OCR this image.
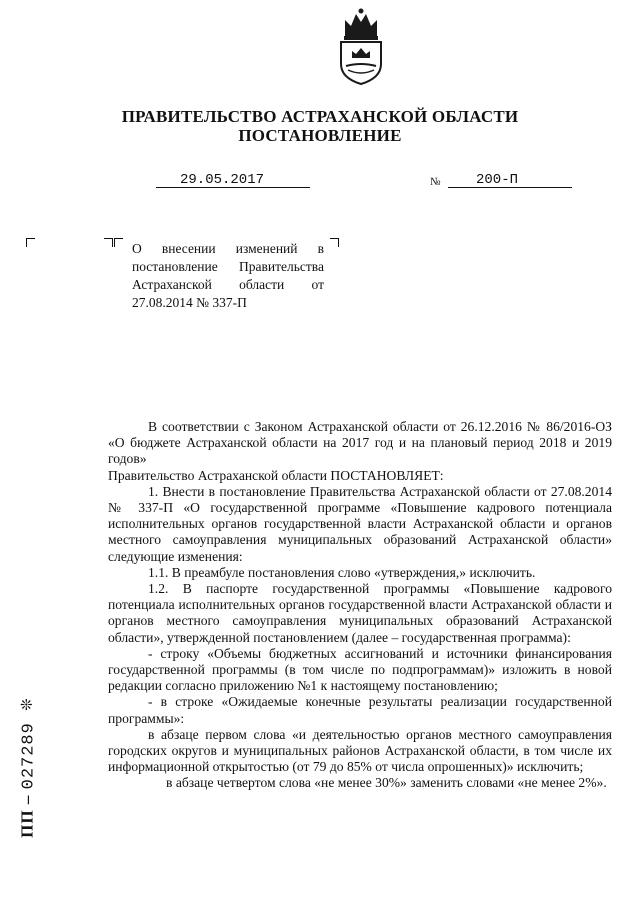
ПРАВИТЕЛЬСТВО АСТРАХАНСКОЙ ОБЛАСТИ
ПОСТАНОВЛЕНИЕ
29.05.2017	№	200-П
О внесении изменений в постановление Правительства Астраханской области от 27.08.2014 № 337-П

В соответствии с Законом Астраханской области от 26.12.2016 № 86/2016-ОЗ «О бюджете Астраханской области на 2017 год и на плановый период 2018 и 2019 годов»

Правительство Астраханской области ПОСТАНОВЛЯЕТ:

1. Внести в постановление Правительства Астраханской области от 27.08.2014 № 337-П «О государственной программе «Повышение кадрового потенциала исполнительных органов государственной власти Астраханской области и органов местного самоуправления муниципальных образований Астраханской области» следующие изменения:

1.1. В преамбуле постановления слово «утверждения,» исключить.

1.2. В паспорте государственной программы «Повышение кадрового потенциала исполнительных органов государственной власти Астраханской области и органов местного самоуправления муниципальных образований Астраханской области», утвержденной постановлением (далее – государственная программа):

- строку «Объемы бюджетных ассигнований и источники финансирования государственной программы (в том числе по подпрограммам)» изложить в новой редакции согласно приложению №1 к настоящему постановлению;

- в строке «Ожидаемые конечные результаты реализации государственной программы»:

в абзаце первом слова «и деятельностью органов местного самоуправления городских округов и муниципальных районов Астраханской области, в том числе их информационной открытостью (от 79 до 85% от числа опрошенных)» исключить;

в абзаце четвертом слова «не менее 30%» заменить словами «не менее 2%».

❊
ПП – 027289
